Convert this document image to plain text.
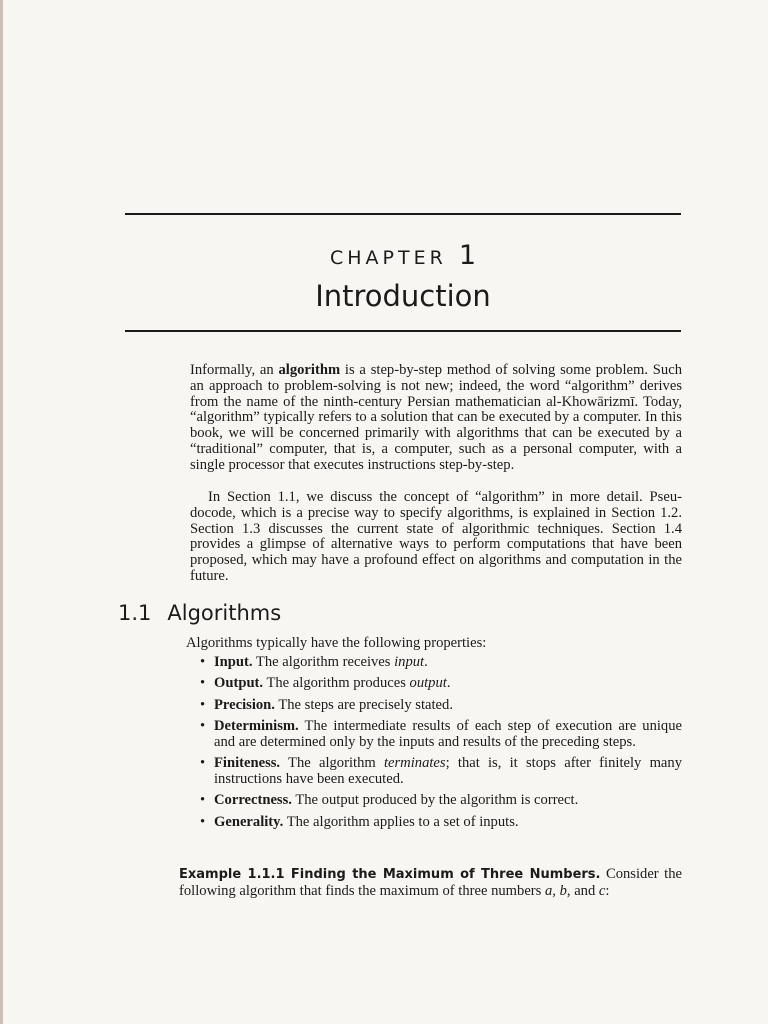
CHAPTER 1
Introduction

Informally, an algorithm is a step-by-step method of solving some problem. Such an approach to problem-solving is not new; indeed, the word “algorithm” derives from the name of the ninth-century Persian mathematician al-Khowārizmī. Today, “algorithm” typically refers to a solution that can be executed by a computer. In this book, we will be concerned primarily with algorithms that can be executed by a “traditional” computer, that is, a computer, such as a personal computer, with a single processor that executes instructions step-by-step.

In Section 1.1, we discuss the concept of “algorithm” in more detail. Pseudocode, which is a precise way to specify algorithms, is explained in Section 1.2. Section 1.3 discusses the current state of algorithmic techniques. Section 1.4 provides a glimpse of alternative ways to perform computations that have been proposed, which may have a profound effect on algorithms and computation in the future.

1.1 Algorithms
Algorithms typically have the following properties:
• Input. The algorithm receives input.
• Output. The algorithm produces output.
• Precision. The steps are precisely stated.
• Determinism. The intermediate results of each step of execution are unique and are determined only by the inputs and results of the preceding steps.
• Finiteness. The algorithm terminates; that is, it stops after finitely many instructions have been executed.
• Correctness. The output produced by the algorithm is correct.
• Generality. The algorithm applies to a set of inputs.

Example 1.1.1 Finding the Maximum of Three Numbers. Consider the following algorithm that finds the maximum of three numbers a, b, and c:
